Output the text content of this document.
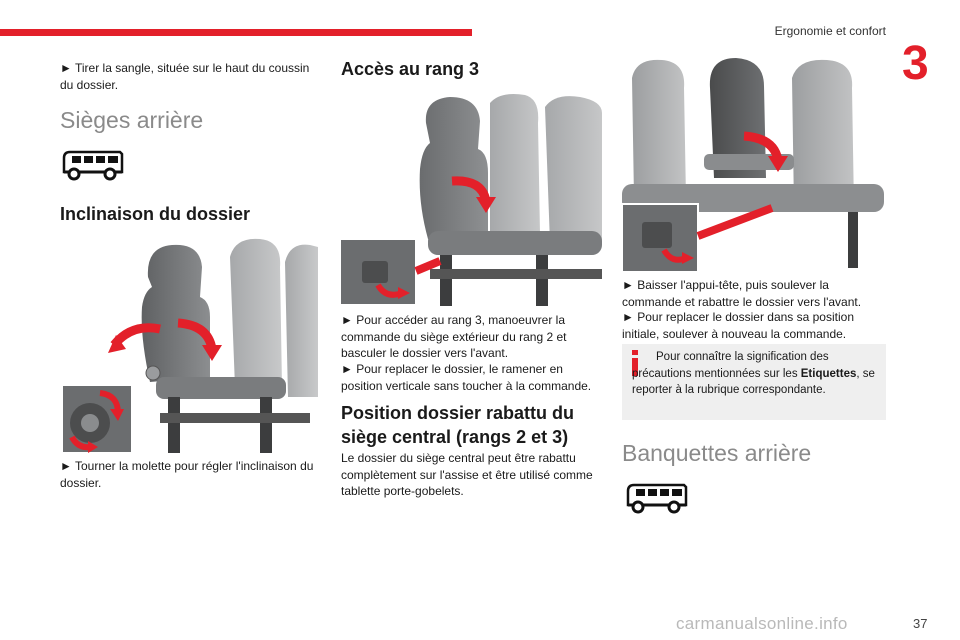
Ergonomie et confort
3

► Tirer la sangle, située sur le haut du coussin du dossier.

Sièges arrière
Inclinaison du dossier

► Tourner la molette pour régler l'inclinaison du dossier.

Accès au rang 3

► Pour accéder au rang 3, manoeuvrer la commande du siège extérieur du rang 2 et basculer le dossier vers l'avant.

► Pour replacer le dossier, le ramener en position verticale sans toucher à la commande.

Position dossier rabattu du
siège central (rangs 2 et 3)

Le dossier du siège central peut être rabattu complètement sur l'assise et être utilisé comme tablette porte-gobelets.

► Baisser l'appui-tête, puis soulever la commande et rabattre le dossier vers l'avant.

► Pour replacer le dossier dans sa position initiale, soulever à nouveau la commande.

Pour connaître la signification des précautions mentionnées sur les Etiquettes, se reporter à la rubrique correspondante.
Banquettes arrière
carmanualsonline.info	37
